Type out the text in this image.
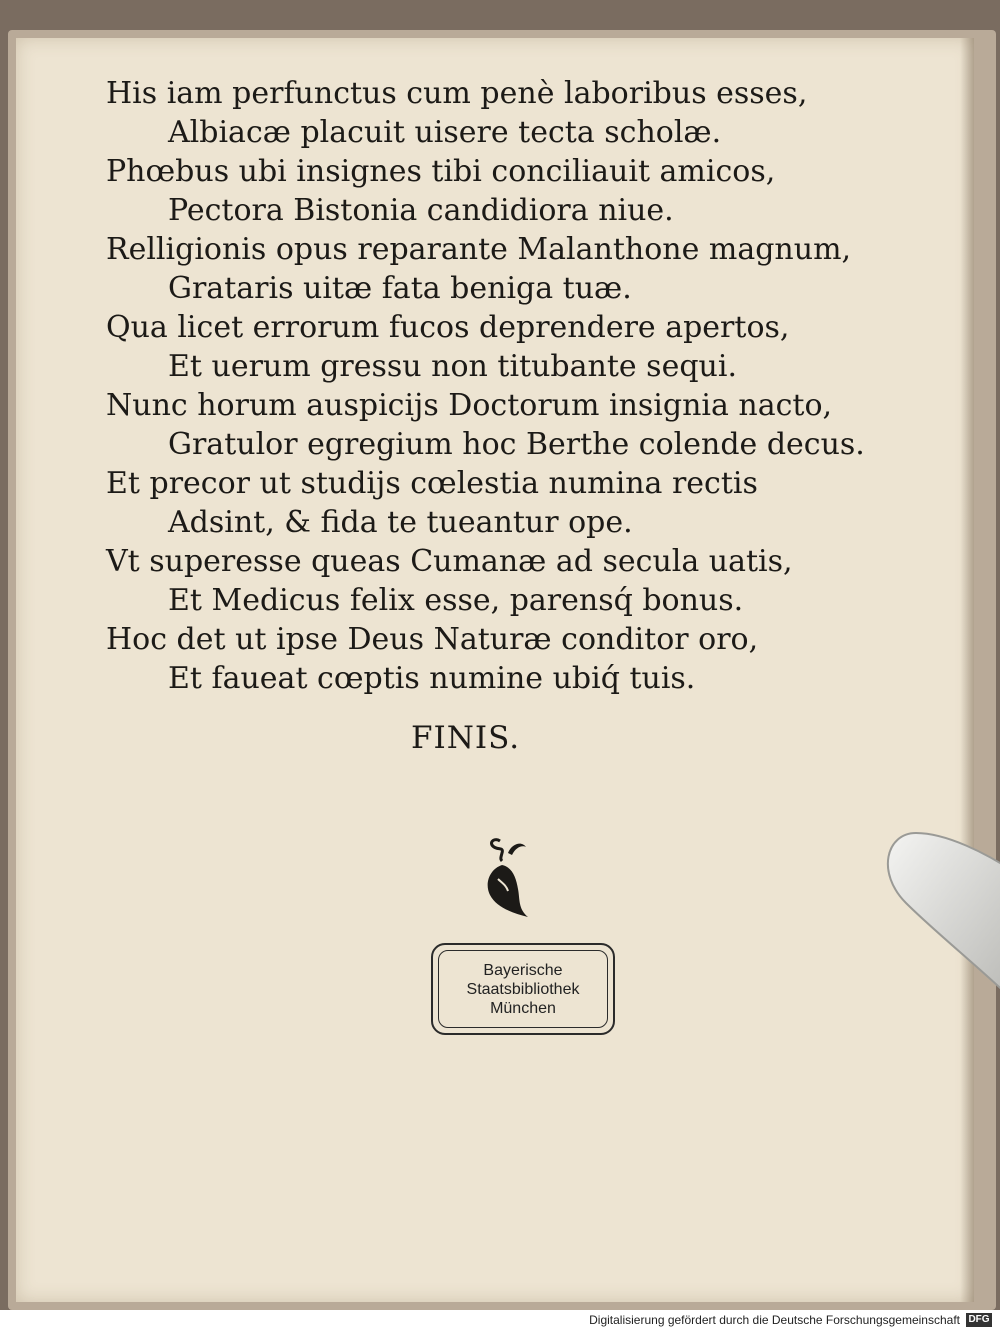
His iam perfunctus cum penè laboribus esses,
Albiacæ placuit uisere tecta scholæ.
Phœbus ubi insignes tibi conciliauit amicos,
Pectora Bistonia candidiora niue.
Relligionis opus reparante Malanthone magnum,
Grataris uitæ fata beniga tuæ.
Qua licet errorum fucos deprendere apertos,
Et uerum gressu non titubante sequi.
Nunc horum auspicijs Doctorum insignia nacto,
Gratulor egregium hoc Berthe colende decus.
Et precor ut studijs cœlestia numina rectis
Adsint, & fida te tueantur ope.
Vt superesse queas Cumanæ ad secula uatis,
Et Medicus felix esse, parensq́ bonus.
Hoc det ut ipse Deus Naturæ conditor oro,
Et faueat cœptis numine ubiq́ tuis.
FINIS.
Bayerische
Staatsbibliothek
München
Digitalisierung gefördert durch die Deutsche Forschungsgemeinschaft DFG
